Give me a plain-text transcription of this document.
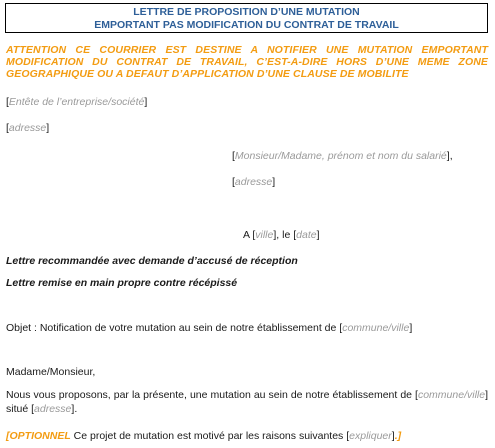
LETTRE DE PROPOSITION D’UNE MUTATION
EMPORTANT PAS MODIFICATION DU CONTRAT DE TRAVAIL
ATTENTION CE COURRIER EST DESTINE A NOTIFIER UNE MUTATION EMPORTANT MODIFICATION DU CONTRAT DE TRAVAIL, C’EST-A-DIRE HORS D’UNE MEME ZONE GEOGRAPHIQUE OU A DEFAUT D’APPLICATION D’UNE CLAUSE DE MOBILITE
[Entête de l’entreprise/société]
[adresse]
[Monsieur/Madame, prénom et nom du salarié],
[adresse]
A [ville], le [date]
Lettre recommandée avec demande d’accusé de réception
Lettre remise en main propre contre récépissé
Objet : Notification de votre mutation au sein de notre établissement de [commune/ville]
Madame/Monsieur,
Nous vous proposons, par la présente, une mutation au sein de notre établissement de [commune/ville] situé [adresse].
[OPTIONNEL Ce projet de mutation est motivé par les raisons suivantes [expliquer].]
